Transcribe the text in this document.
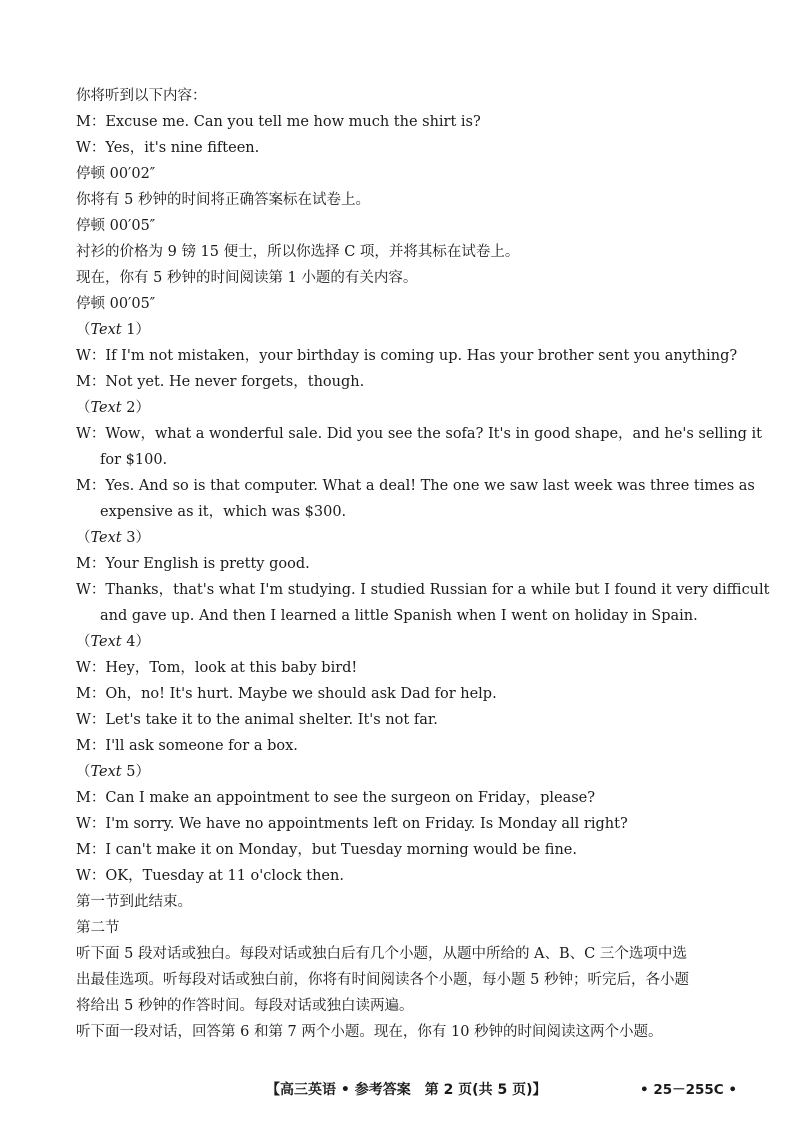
你将听到以下内容：
M：Excuse me. Can you tell me how much the shirt is?
W：Yes，it's nine fifteen.
停顿 00′02″
你将有 5 秒钟的时间将正确答案标在试卷上。
停顿 00′05″
衬衫的价格为 9 镑 15 便士，所以你选择 C 项，并将其标在试卷上。
现在，你有 5 秒钟的时间阅读第 1 小题的有关内容。
停顿 00′05″
（Text 1）
W：If I'm not mistaken，your birthday is coming up. Has your brother sent you anything?
M：Not yet. He never forgets，though.
（Text 2）
W：Wow，what a wonderful sale. Did you see the sofa? It's in good shape，and he's selling it
for $100.
M：Yes. And so is that computer. What a deal! The one we saw last week was three times as
expensive as it，which was $300.
（Text 3）
M：Your English is pretty good.
W：Thanks，that's what I'm studying. I studied Russian for a while but I found it very difficult
and gave up. And then I learned a little Spanish when I went on holiday in Spain.
（Text 4）
W：Hey，Tom，look at this baby bird!
M：Oh，no! It's hurt. Maybe we should ask Dad for help.
W：Let's take it to the animal shelter. It's not far.
M：I'll ask someone for a box.
（Text 5）
M：Can I make an appointment to see the surgeon on Friday，please?
W：I'm sorry. We have no appointments left on Friday. Is Monday all right?
M：I can't make it on Monday，but Tuesday morning would be fine.
W：OK，Tuesday at 11 o'clock then.
第一节到此结束。
第二节
听下面 5 段对话或独白。每段对话或独白后有几个小题，从题中所给的 A、B、C 三个选项中选
出最佳选项。听每段对话或独白前，你将有时间阅读各个小题，每小题 5 秒钟；听完后，各小题
将给出 5 秒钟的作答时间。每段对话或独白读两遍。
听下面一段对话，回答第 6 和第 7 两个小题。现在，你有 10 秒钟的时间阅读这两个小题。
【高三英语 • 参考答案　第 2 页(共 5 页)】	• 25－255C •
